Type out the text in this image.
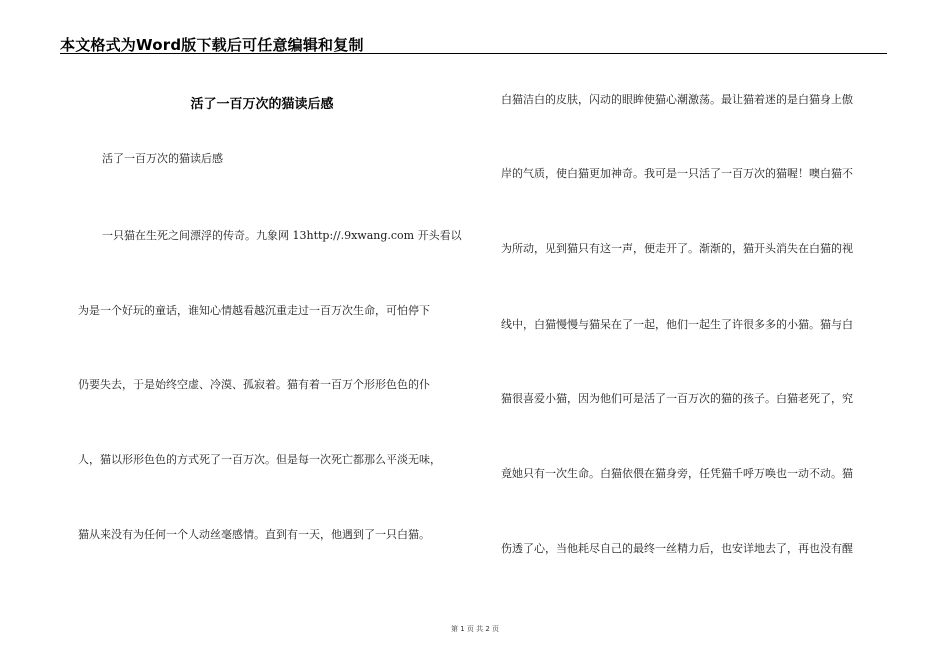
本文格式为Word版下载后可任意编辑和复制
活了一百万次的猫读后感
活了一百万次的猫读后感
一只猫在生死之间漂浮的传奇。九象网 13http://.9xwang.com 开头看以
为是一个好玩的童话，谁知心情越看越沉重走过一百万次生命，可怕停下
仍要失去，于是始终空虚、冷漠、孤寂着。猫有着一百万个形形色色的仆
人，猫以形形色色的方式死了一百万次。但是每一次死亡都那么平淡无味，
猫从来没有为任何一个人动丝毫感情。直到有一天，他遇到了一只白猫。
白猫洁白的皮肤，闪动的眼眸使猫心潮激荡。最让猫着迷的是白猫身上傲
岸的气质，使白猫更加神奇。我可是一只活了一百万次的猫喔！噢白猫不
为所动，见到猫只有这一声，便走开了。渐渐的，猫开头消失在白猫的视
线中，白猫慢慢与猫呆在了一起，他们一起生了许很多多的小猫。猫与白
猫很喜爱小猫，因为他们可是活了一百万次的猫的孩子。白猫老死了，究
竟她只有一次生命。白猫依偎在猫身旁，任凭猫千呼万唤也一动不动。猫
伤透了心，当他耗尽自己的最终一丝精力后，也安详地去了，再也没有醒
第 1 页 共 2 页
